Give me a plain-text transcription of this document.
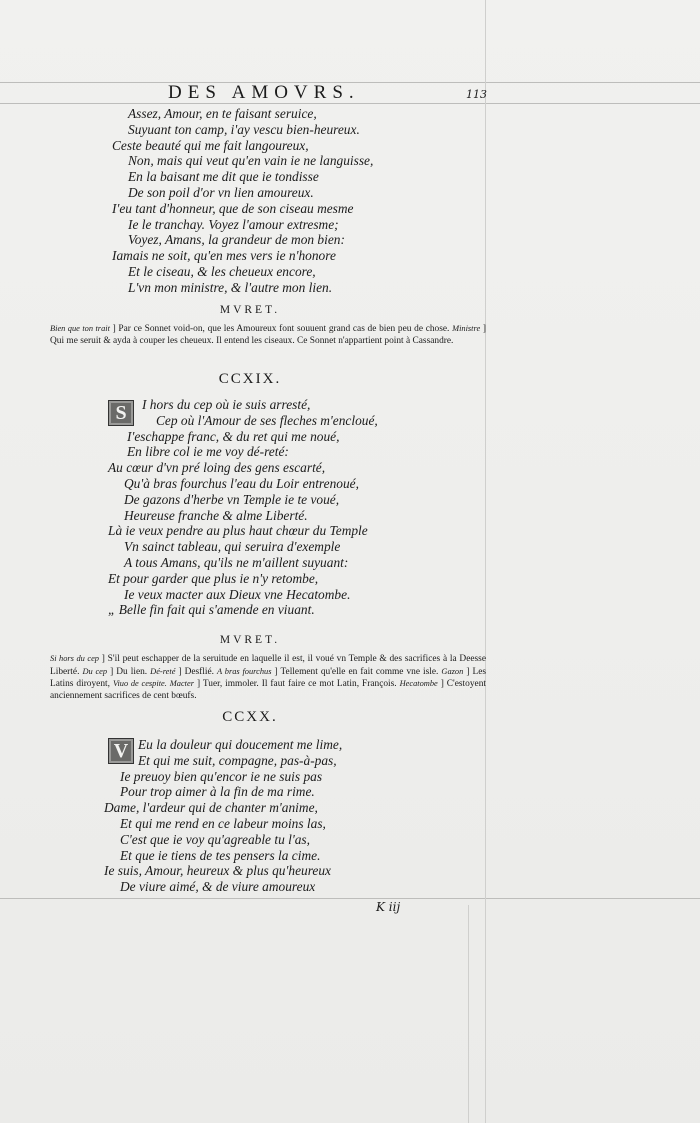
DES AMOVRS.	113
Assez, Amour, en te faisant seruice,
Suyuant ton camp, i'ay vescu bien-heureux.
Ceste beauté qui me fait langoureux,
Non, mais qui veut qu'en vain ie ne languisse,
En la baisant me dit que ie tondisse
De son poil d'or vn lien amoureux.
I'eu tant d'honneur, que de son ciseau mesme
Ie le tranchay. Voyez l'amour extresme;
Voyez, Amans, la grandeur de mon bien:
Iamais ne soit, qu'en mes vers ie n'honore
Et le ciseau, & les cheueux encore,
L'vn mon ministre, & l'autre mon lien.
MVRET.
Bien que ton trait ] Par ce Sonnet void-on, que les Amoureux font souuent grand cas de bien peu de chose. Ministre ] Qui me seruit & ayda à couper les cheueux. Il entend les ciseaux. Ce Sonnet n'appartient point à Cassandre.
CCXIX.
S	I hors du cep où ie suis arresté,
Cep où l'Amour de ses fleches m'encloué,
I'eschappe franc, & du ret qui me noué,
En libre col ie me voy dé-reté:
Au cœur d'vn pré loing des gens escarté,
Qu'à bras fourchus l'eau du Loir entrenoué,
De gazons d'herbe vn Temple ie te voué,
Heureuse franche & alme Liberté.
Là ie veux pendre au plus haut chœur du Temple
Vn sainct tableau, qui seruira d'exemple
A tous Amans, qu'ils ne m'aillent suyuant:
Et pour garder que plus ie n'y retombe,
Ie veux macter aux Dieux vne Hecatombe.
„ Belle fin fait qui s'amende en viuant.
MVRET.
Si hors du cep ] S'il peut eschapper de la seruitude en laquelle il est, il voué vn Temple & des sacrifices à la Deesse Liberté. Du cep ] Du lien. Dé-reté ] Desflié. A bras fourchus ] Tellement qu'elle en fait comme vne isle. Gazon ] Les Latins diroyent, Viuo de cespite. Macter ] Tuer, immoler. Il faut faire ce mot Latin, François. Hecatombe ] C'estoyent anciennement sacrifices de cent bœufs.
CCXX.
V Eu la douleur qui doucement me lime,
Et qui me suit, compagne, pas-à-pas,
Ie preuoy bien qu'encor ie ne suis pas
Pour trop aimer à la fin de ma rime.
Dame, l'ardeur qui de chanter m'anime,
Et qui me rend en ce labeur moins las,
C'est que ie voy qu'agreable tu l'as,
Et que ie tiens de tes pensers la cime.
Ie suis, Amour, heureux & plus qu'heureux
De viure aimé, & de viure amoureux
K iij
